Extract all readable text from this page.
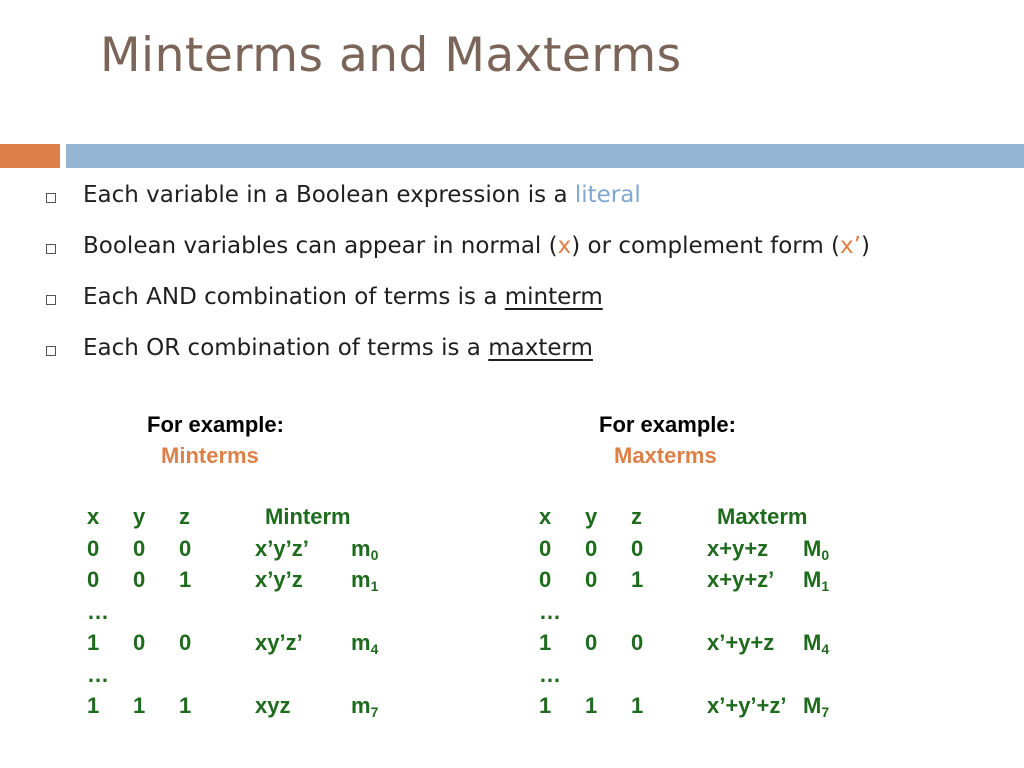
Minterms and Maxterms
Each variable in a Boolean expression is a literal
Boolean variables can appear in normal (x) or complement form (x’)
Each AND combination of terms is a minterm
Each OR combination of terms is a maxterm
For example:
Minterms
x y z	Minterm
0 0 0	x’y’z’ $m_0$
0 0 1	x’y’z $m_1$
…
1 0 0	xy’z’ $m_4$
…
1 1 1	xyz	$m_7$
For example:
Maxterms
x y z	Maxterm
0 0 0	x+y+z $M_0$
0 0 1	x+y+z’ $M_1$
…
1 0 0	x’+y+z $M_4$
…
1 1 1	x’+y’+z’ $M_7$
